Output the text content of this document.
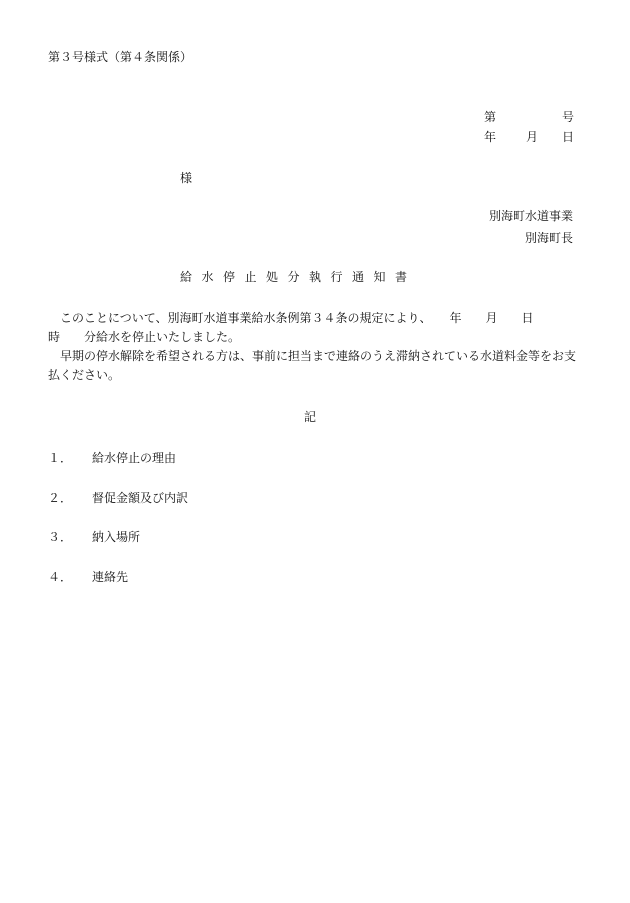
第３号様式（第４条関係）
第	号
年 月 日
様
別海町水道事業
別海町長
給水停止処分執行通知書

　このことについて、別海町水道事業給水条例第３４条の規定により、　　年　　月　　日
時　　分給水を停止いたしました。

　早期の停水解除を希望される方は、事前に担当まで連絡のうえ滞納されている水道料金等をお支払ください。

記
１． 給水停止の理由
２． 督促金額及び内訳
３． 納入場所
４． 連絡先
